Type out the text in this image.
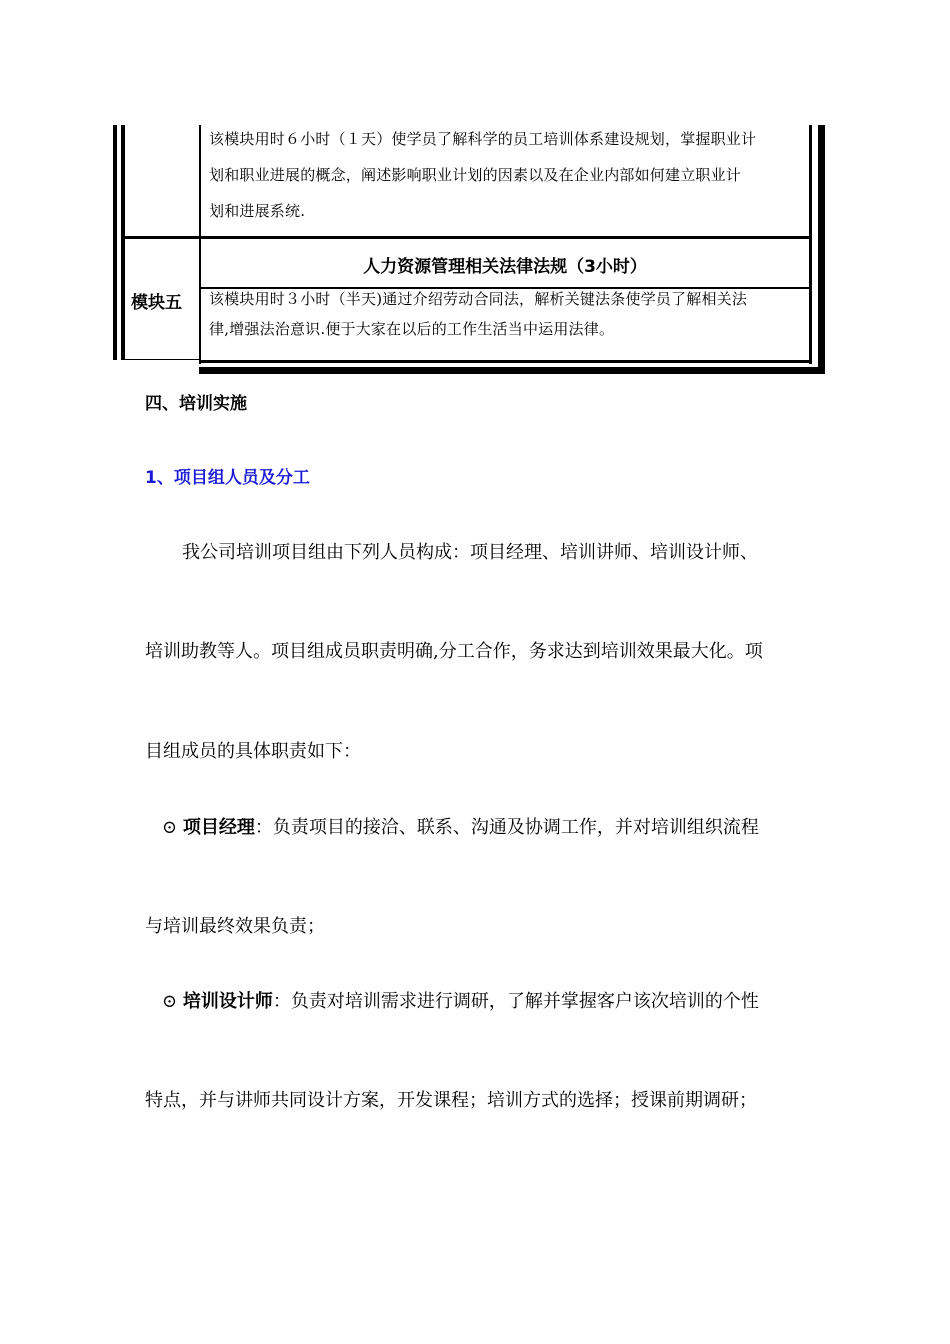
该模块用时６小时（１天）使学员了解科学的员工培训体系建设规划，掌握职业计
划和职业进展的概念，阐述影响职业计划的因素以及在企业内部如何建立职业计
划和进展系统.
模块五
人力资源管理相关法律法规（3小时）
该模块用时３小时（半天)通过介绍劳动合同法，解析关键法条使学员了解相关法
律,增强法治意识.便于大家在以后的工作生活当中运用法律。
四、培训实施
1、项目组人员及分工
我公司培训项目组由下列人员构成：项目经理、培训讲师、培训设计师、
培训助教等人。项目组成员职责明确,分工合作，务求达到培训效果最大化。项
目组成员的具体职责如下：
⊙ 项目经理：负责项目的接洽、联系、沟通及协调工作，并对培训组织流程
与培训最终效果负责；
⊙ 培训设计师：负责对培训需求进行调研，了解并掌握客户该次培训的个性
特点，并与讲师共同设计方案，开发课程；培训方式的选择；授课前期调研；
